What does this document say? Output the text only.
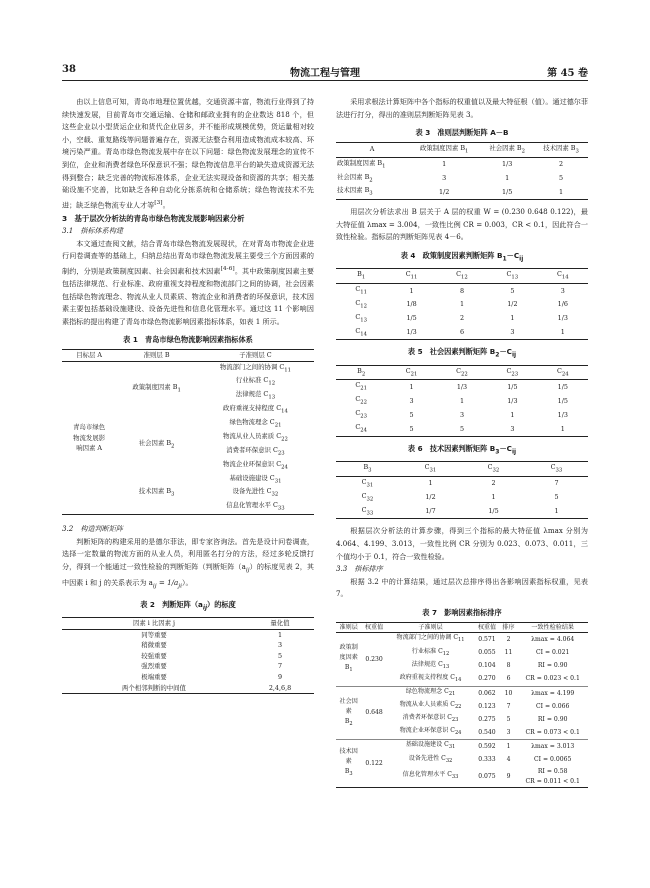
38	物流工程与管理	第 45 卷

由以上信息可知，青岛市地理位置优越，交通资源丰富，物流行业得到了持续快速发展，目前青岛市交通运输、仓储和邮政业拥有的企业数达 818 个，但这些企业以小型货运企业和货代企业居多，并不能形成规模优势，货运量相对较小，空载、重复路线等问题普遍存在，资源无法整合利用造成物流成本较高、环境污染严重。青岛市绿色物流发展中存在以下问题：绿色物流发展理念的宣传不到位，企业和消费者绿色环保意识不强；绿色物流信息平台的缺失造成资源无法得到整合；缺乏完善的物流标准体系，企业无法实现设备和资源的共享；相关基础设施不完善，比如缺乏各种自动化分拣系统和仓储系统；绿色物流技术不先进；缺乏绿色物流专业人才等[3]。

3　基于层次分析法的青岛市绿色物流发展影响因素分析

3.1　指标体系构建

本文通过查阅文献，结合青岛市绿色物流发展现状，在对青岛市物流企业进行问卷调查等的基础上，归纳总结出青岛市绿色物流发展主要受三个方面因素的制约，分别是政策制度因素、社会因素和技术因素[4-6]。其中政策制度因素主要包括法律规范、行业标准、政府重视支持程度和物流部门之间的协调，社会因素包括绿色物流理念、物流从业人员素质、物流企业和消费者的环保意识，技术因素主要包括基础设施建设、设备先进性和信息化管理水平。通过这 11 个影响因素指标的提出构建了青岛市绿色物流影响因素指标体系，如表 1 所示。

表 1　青岛市绿色物流影响因素指标体系
目标层 A	准则层 B	子准则层 C

青岛市绿色
物流发展影
响因素 A	政策制度因素 $B_1$	物流部门之间的协调 $C_{11}$
		行业标准 $C_{12}$
		法律规范 $C_{13}$
		政府重视支持程度 $C_{14}$
	社会因素 $B_2$	绿色物流理念 $C_{21}$
		物流从业人员素质 $C_{22}$
		消费者环保意识 $C_{23}$
		物流企业环保意识 $C_{24}$
	技术因素 $B_3$	基础设施建设 $C_{31}$
		设备先进性 $C_{32}$
		信息化管理水平 $C_{33}$

3.2　构造判断矩阵

判断矩阵的构建采用的是德尔菲法，即专家咨询法。首先是设计问卷调查，选择一定数量的物流方面的从业人员，利用匿名打分的方法，经过多轮反馈打分，得到一个能通过一致性检验的判断矩阵（判断矩阵$(a_{ij})$的标度见表 2，其中因素 i 和 j 的关系表示为 $a_{ij} = 1/a_{ji}$）。

表 2　判断矩阵$(a_{ij})$的标度
因素 i 比因素 j	量化值
同等重要	1
稍微重要	3
较强重要	5
强烈重要	7
极端重要	9
两个相邻判断的中间值	2,4,6,8

采用求根法计算矩阵中各个指标的权重值以及最大特征根（值）。通过德尔菲法进行打分，得出的准则层判断矩阵见表 3。

表 3　准则层判断矩阵 A－B
A	政策制度因素 $B_1$	社会因素 $B_2$	技术因素 $B_3$
政策制度因素 $B_1$	1	1/3	2
社会因素 $B_2$	3	1	5
技术因素 $B_3$	1/2	1/5	1

用层次分析法求出 B 层关于 A 层的权重 W = (0.230 0.648 0.122)，最大特征值 λmax = 3.004，一致性比例 CR = 0.003，CR < 0.1，因此符合一致性检验。指标层的判断矩阵见表 4－6。

表 4　政策制度因素判断矩阵 $B_1-C_{ij}$
$B_1$	$C_{11}$	$C_{12}$	$C_{13}$	$C_{14}$
$C_{11}$	1	8	5	3
$C_{12}$	1/8	1	1/2	1/6
$C_{13}$	1/5	2	1	1/3
$C_{14}$	1/3	6	3	1
表 5　社会因素判断矩阵 $B_2-C_{ij}$
$B_2$	$C_{21}$	$C_{22}$	$C_{23}$	$C_{24}$
$C_{21}$	1	1/3	1/5	1/5
$C_{22}$	3	1	1/3	1/5
$C_{23}$	5	3	1	1/3
$C_{24}$	5	5	3	1
表 6　技术因素判断矩阵 $B_3-C_{ij}$
$B_3$	$C_{31}$	$C_{32}$	$C_{33}$
$C_{31}$	1	2	7
$C_{32}$	1/2	1	5
$C_{33}$	1/7	1/5	1

根据层次分析法的计算步骤，得到三个指标的最大特征值 λmax 分别为 4.064、4.199、3.013，一致性比例 CR 分别为 0.023、0.073、0.011，三个值均小于 0.1，符合一致性检验。

3.3　指标排序

根据 3.2 中的计算结果，通过层次总排序得出各影响因素指标权重，见表 7。

表 7　影响因素指标排序
准则层	权重值	子准则层	权重值	排序	一致性检验结果

政策制
度因素
$B_1$	0.230	物流部门之间的协调 $C_{11}$	0.571	2	λmax = 4.064

		行业标准 $C_{12}$	0.055	11	CI = 0.021

		法律规范 $C_{13}$	0.104	8	RI = 0.90

		政府重视支持程度 $C_{14}$	0.270	6	CR = 0.023 < 0.1

社会因
素
$B_2$	0.648	绿色物流理念 $C_{21}$	0.062	10	λmax = 4.199

		物流从业人员素质 $C_{22}$	0.123	7	CI = 0.066

		消费者环保意识 $C_{23}$	0.275	5	RI = 0.90

		物流企业环保意识 $C_{24}$	0.540	3	CR = 0.073 < 0.1

技术因
素
$B_3$	0.122	基础设施建设 $C_{31}$	0.592	1	λmax = 3.013

		设备先进性 $C_{32}$	0.333	4	CI = 0.0065

		信息化管理水平 $C_{33}$	0.075	9	RI = 0.58
CR = 0.011 < 0.1
